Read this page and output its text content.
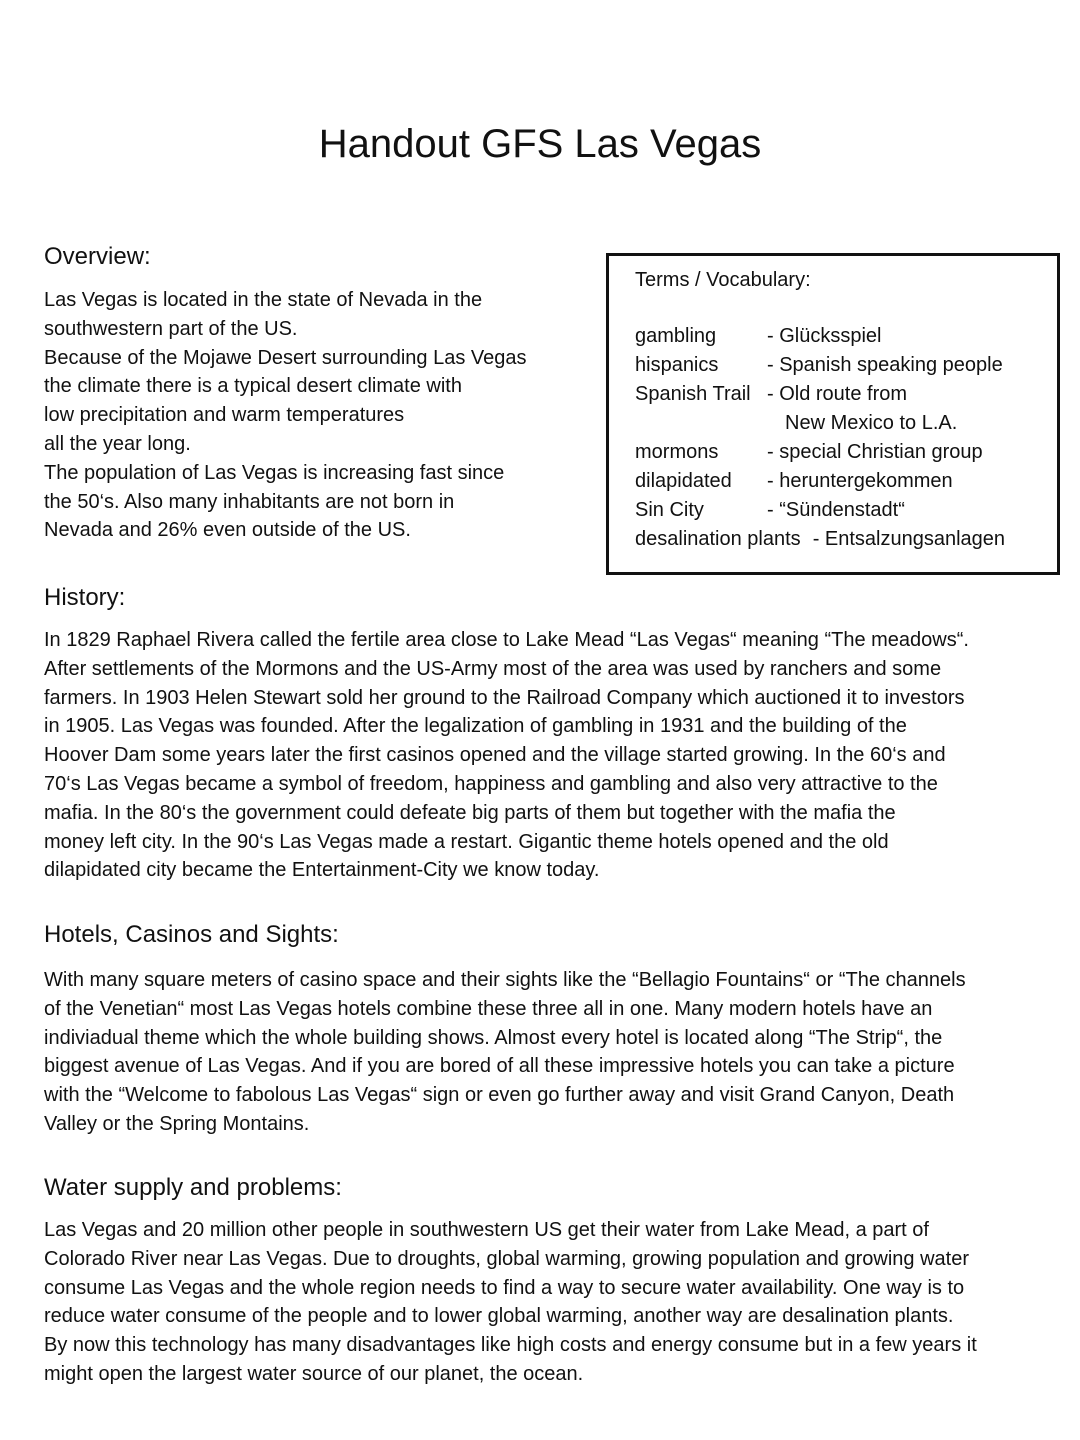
Handout GFS Las Vegas
Overview:
Las Vegas is located in the state of Nevada in the
southwestern part of the US.
Because of the Mojawe Desert surrounding Las Vegas
the climate there is a typical desert climate with
low precipitation and warm temperatures
all the year long.
The population of Las Vegas is increasing fast since
the 50‘s. Also many inhabitants are not born in
Nevada and 26% even outside of the US.
Terms / Vocabulary:
gambling	- Glücksspiel
hispanics - Spanish speaking people
Spanish Trail - Old route from
New Mexico to L.A.
mormons - special Christian group
dilapidated - heruntergekommen
Sin City	- “Sündenstadt“
desalination plants - Entsalzungsanlagen
History:
In 1829 Raphael Rivera called the fertile area close to Lake Mead “Las Vegas“ meaning “The meadows“.
After settlements of the Mormons and the US-Army most of the area was used by ranchers and some
farmers. In 1903 Helen Stewart sold her ground to the Railroad Company which auctioned it to investors
in 1905. Las Vegas was founded. After the legalization of gambling in 1931 and the building of the
Hoover Dam some years later the first casinos opened and the village started growing. In the 60‘s and
70‘s Las Vegas became a symbol of freedom, happiness and gambling and also very attractive to the
mafia. In the 80‘s the government could defeate big parts of them but together with the mafia the
money left city. In the 90‘s Las Vegas made a restart. Gigantic theme hotels opened and the old
dilapidated city became the Entertainment-City we know today.
Hotels, Casinos and Sights:
With many square meters of casino space and their sights like the “Bellagio Fountains“ or “The channels
of the Venetian“ most Las Vegas hotels combine these three all in one. Many modern hotels have an
indiviadual theme which the whole building shows. Almost every hotel is located along “The Strip“, the
biggest avenue of Las Vegas. And if you are bored of all these impressive hotels you can take a picture
with the “Welcome to fabolous Las Vegas“ sign or even go further away and visit Grand Canyon, Death
Valley or the Spring Montains.
Water supply and problems:
Las Vegas and 20 million other people in southwestern US get their water from Lake Mead, a part of
Colorado River near Las Vegas. Due to droughts, global warming, growing population and growing water
consume Las Vegas and the whole region needs to find a way to secure water availability. One way is to
reduce water consume of the people and to lower global warming, another way are desalination plants.
By now this technology has many disadvantages like high costs and energy consume but in a few years it
might open the largest water source of our planet, the ocean.
